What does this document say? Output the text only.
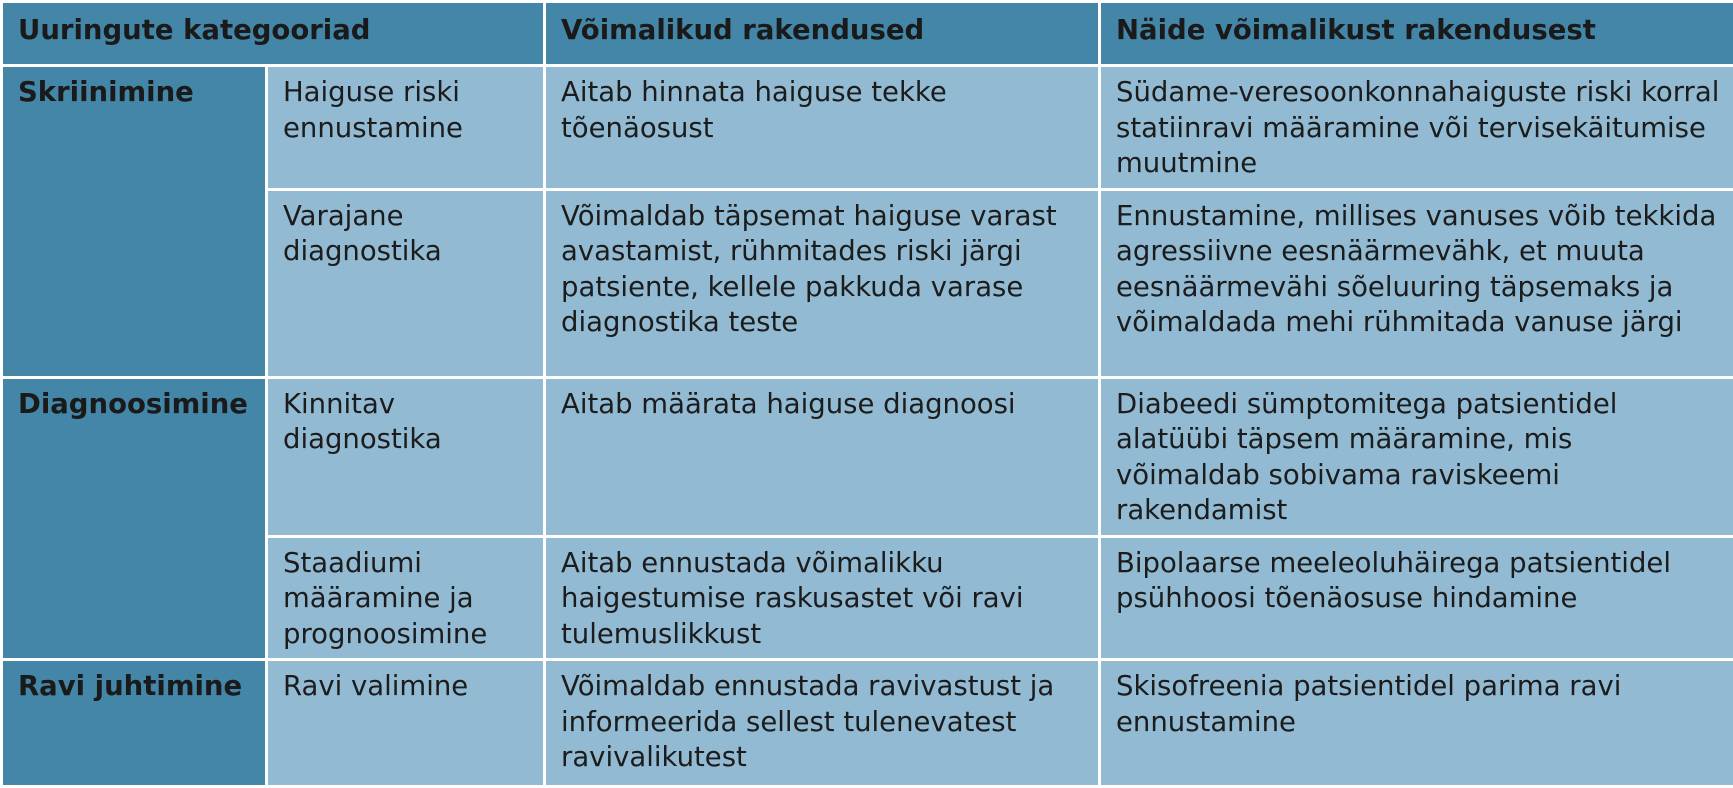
Uuringute kategooriad		Võimalikud rakendused	Näide võimalikust rakendusest
Skriinimine	Haiguse riski ennustamine	Aitab hinnata haiguse tekke tõenäosust	Südame-veresoonkonnahaiguste riski korral statiinravi määramine või tervisekäitumise muutmine
	Varajane diagnostika	Võimaldab täpsemat haiguse varast avastamist, rühmitades riski järgi patsiente, kellele pakkuda varase diagnostika teste	Ennustamine, millises vanuses võib tekkida agressiivne eesnäärmevähk, et muuta eesnäärmevähi sõeluuring täpsemaks ja võimaldada mehi rühmitada vanuse järgi
Diagnoosimine	Kinnitav diagnostika	Aitab määrata haiguse diagnoosi	Diabeedi sümptomitega patsientidel alatüübi täpsem määramine, mis võimaldab sobivama raviskeemi rakendamist
	Staadiumi määramine ja prognoosimine	Aitab ennustada võimalikku haigestumise raskusastet või ravi tulemuslikkust	Bipolaarse meeleoluhäirega patsientidel psühhoosi tõenäosuse hindamine
Ravi juhtimine	Ravi valimine	Võimaldab ennustada ravivastust ja informeerida sellest tulenevatest ravivalikutest	Skisofreenia patsientidel parima ravi ennustamine
